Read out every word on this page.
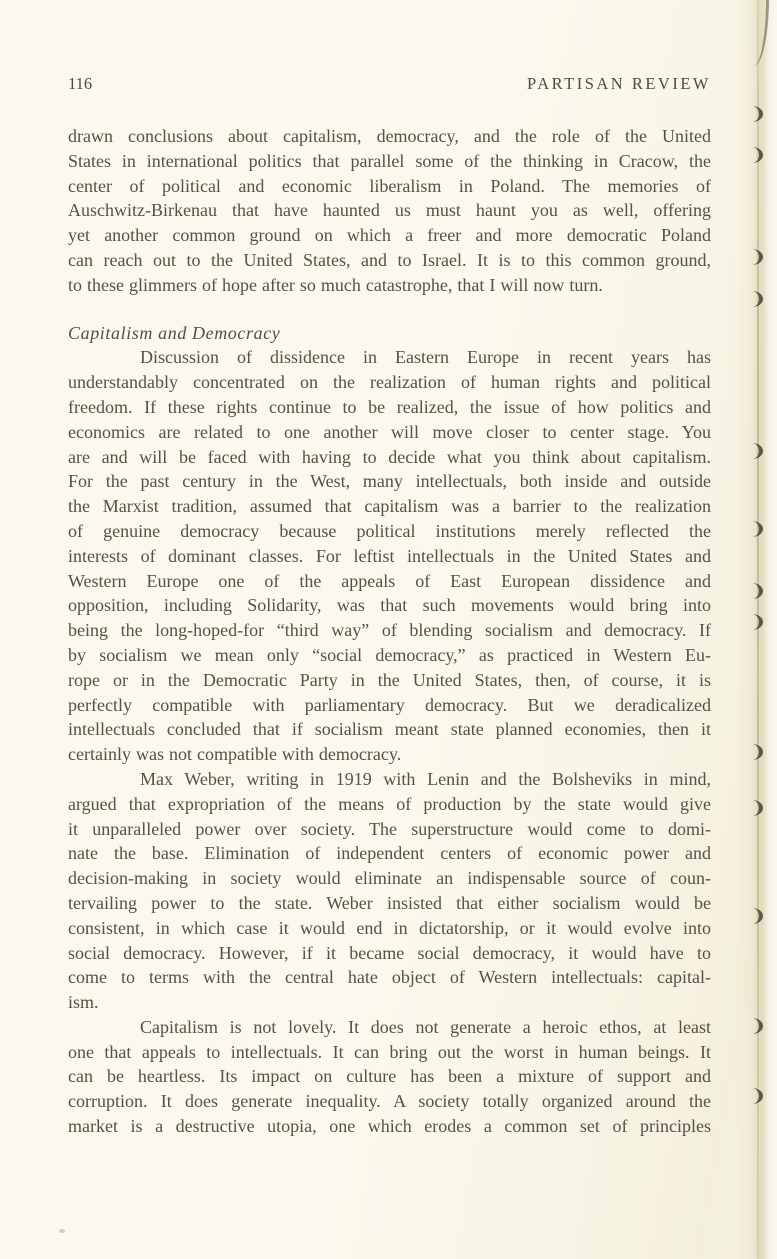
116	PARTISAN REVIEW
drawn conclusions about capitalism, democracy, and the role of the United
States in international politics that parallel some of the thinking in Cracow, the
center of political and economic liberalism in Poland. The memories of
Auschwitz-Birkenau that have haunted us must haunt you as well, offering
yet another common ground on which a freer and more democratic Poland
can reach out to the United States, and to Israel. It is to this common ground,
to these glimmers of hope after so much catastrophe, that I will now turn.
Capitalism and Democracy
Discussion of dissidence in Eastern Europe in recent years has
understandably concentrated on the realization of human rights and political
freedom. If these rights continue to be realized, the issue of how politics and
economics are related to one another will move closer to center stage. You
are and will be faced with having to decide what you think about capitalism.
For the past century in the West, many intellectuals, both inside and outside
the Marxist tradition, assumed that capitalism was a barrier to the realization
of genuine democracy because political institutions merely reflected the
interests of dominant classes. For leftist intellectuals in the United States and
Western Europe one of the appeals of East European dissidence and
opposition, including Solidarity, was that such movements would bring into
being the long-hoped-for “third way” of blending socialism and democracy. If
by socialism we mean only “social democracy,” as practiced in Western Eu-
rope or in the Democratic Party in the United States, then, of course, it is
perfectly compatible with parliamentary democracy. But we deradicalized
intellectuals concluded that if socialism meant state planned economies, then it
certainly was not compatible with democracy.
Max Weber, writing in 1919 with Lenin and the Bolsheviks in mind,
argued that expropriation of the means of production by the state would give
it unparalleled power over society. The superstructure would come to domi-
nate the base. Elimination of independent centers of economic power and
decision-making in society would eliminate an indispensable source of coun-
tervailing power to the state. Weber insisted that either socialism would be
consistent, in which case it would end in dictatorship, or it would evolve into
social democracy. However, if it became social democracy, it would have to
come to terms with the central hate object of Western intellectuals: capital-
ism.
Capitalism is not lovely. It does not generate a heroic ethos, at least
one that appeals to intellectuals. It can bring out the worst in human beings. It
can be heartless. Its impact on culture has been a mixture of support and
corruption. It does generate inequality. A society totally organized around the
market is a destructive utopia, one which erodes a common set of principles
